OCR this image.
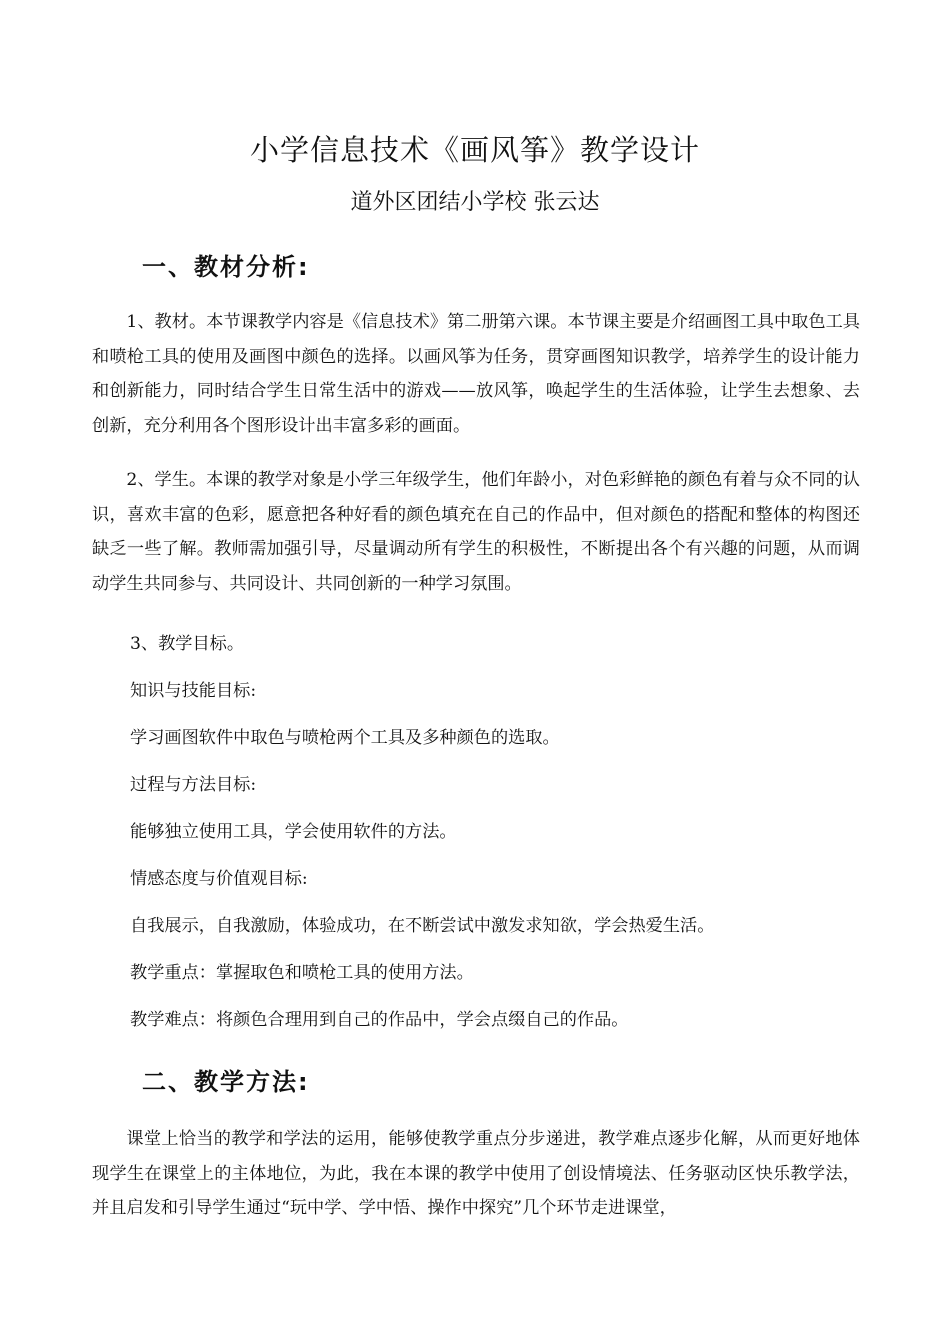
小学信息技术《画风筝》教学设计
道外区团结小学校 张云达
一、教材分析:
1、教材。本节课教学内容是《信息技术》第二册第六课。本节课主要是介绍画图工具中取色工具和喷枪工具的使用及画图中颜色的选择。以画风筝为任务，贯穿画图知识教学，培养学生的设计能力和创新能力，同时结合学生日常生活中的游戏——放风筝，唤起学生的生活体验，让学生去想象、去创新，充分利用各个图形设计出丰富多彩的画面。
2、学生。本课的教学对象是小学三年级学生，他们年龄小，对色彩鲜艳的颜色有着与众不同的认识，喜欢丰富的色彩，愿意把各种好看的颜色填充在自己的作品中，但对颜色的搭配和整体的构图还缺乏一些了解。教师需加强引导，尽量调动所有学生的积极性，不断提出各个有兴趣的问题，从而调动学生共同参与、共同设计、共同创新的一种学习氛围。
3、教学目标。
知识与技能目标:
学习画图软件中取色与喷枪两个工具及多种颜色的选取。
过程与方法目标:
能够独立使用工具，学会使用软件的方法。
情感态度与价值观目标:
自我展示，自我激励，体验成功，在不断尝试中激发求知欲，学会热爱生活。
教学重点：掌握取色和喷枪工具的使用方法。
教学难点：将颜色合理用到自己的作品中，学会点缀自己的作品。
二、教学方法:
课堂上恰当的教学和学法的运用，能够使教学重点分步递进，教学难点逐步化解，从而更好地体现学生在课堂上的主体地位，为此，我在本课的教学中使用了创设情境法、任务驱动区快乐教学法，并且启发和引导学生通过“玩中学、学中悟、操作中探究”几个环节走进课堂，
